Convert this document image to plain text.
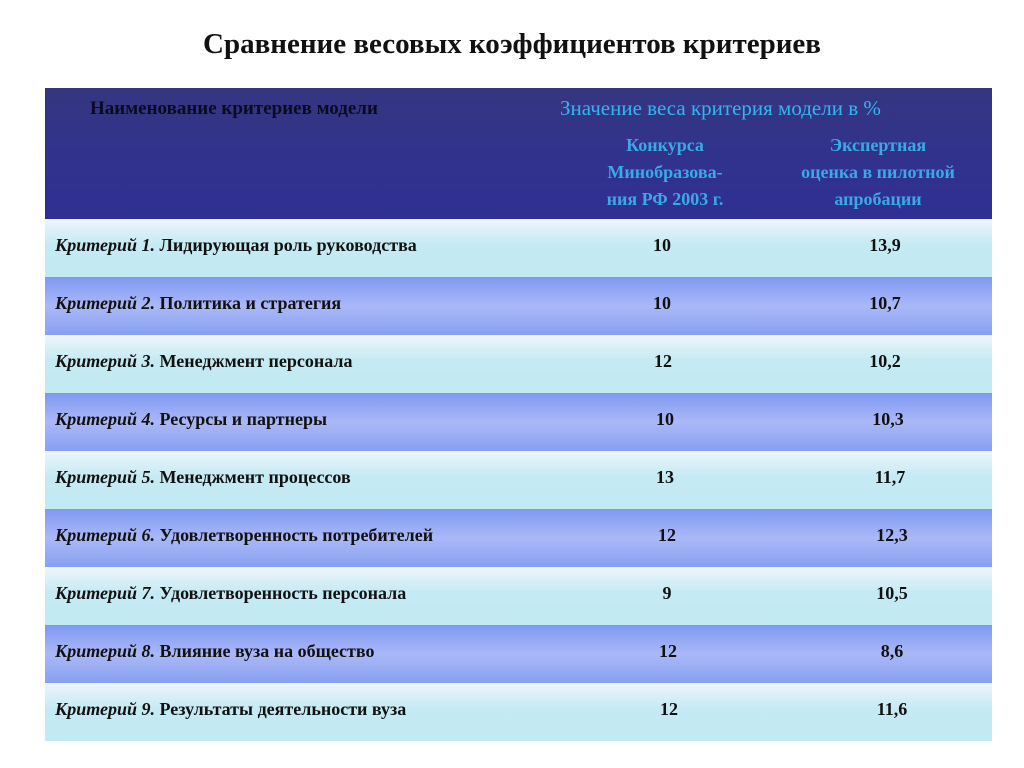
Сравнение весовых коэффициентов критериев
Наименование критериев модели	Значение веса критерия модели в %
Конкурса
Минобразова-
ния РФ 2003 г.
Экспертная
оценка в пилотной
апробации
Критерий 1. Лидирующая роль руководства	10	13,9
Критерий 2. Политика и стратегия	10	10,7
Критерий 3. Менеджмент персонала	12	10,2
Критерий 4. Ресурсы и партнеры	10	10,3
Критерий 5. Менеджмент процессов	13	11,7
Критерий 6. Удовлетворенность потребителей	12	12,3
Критерий 7. Удовлетворенность персонала	9	10,5
Критерий 8. Влияние вуза на общество	12	8,6
Критерий 9. Результаты деятельности вуза	12	11,6
